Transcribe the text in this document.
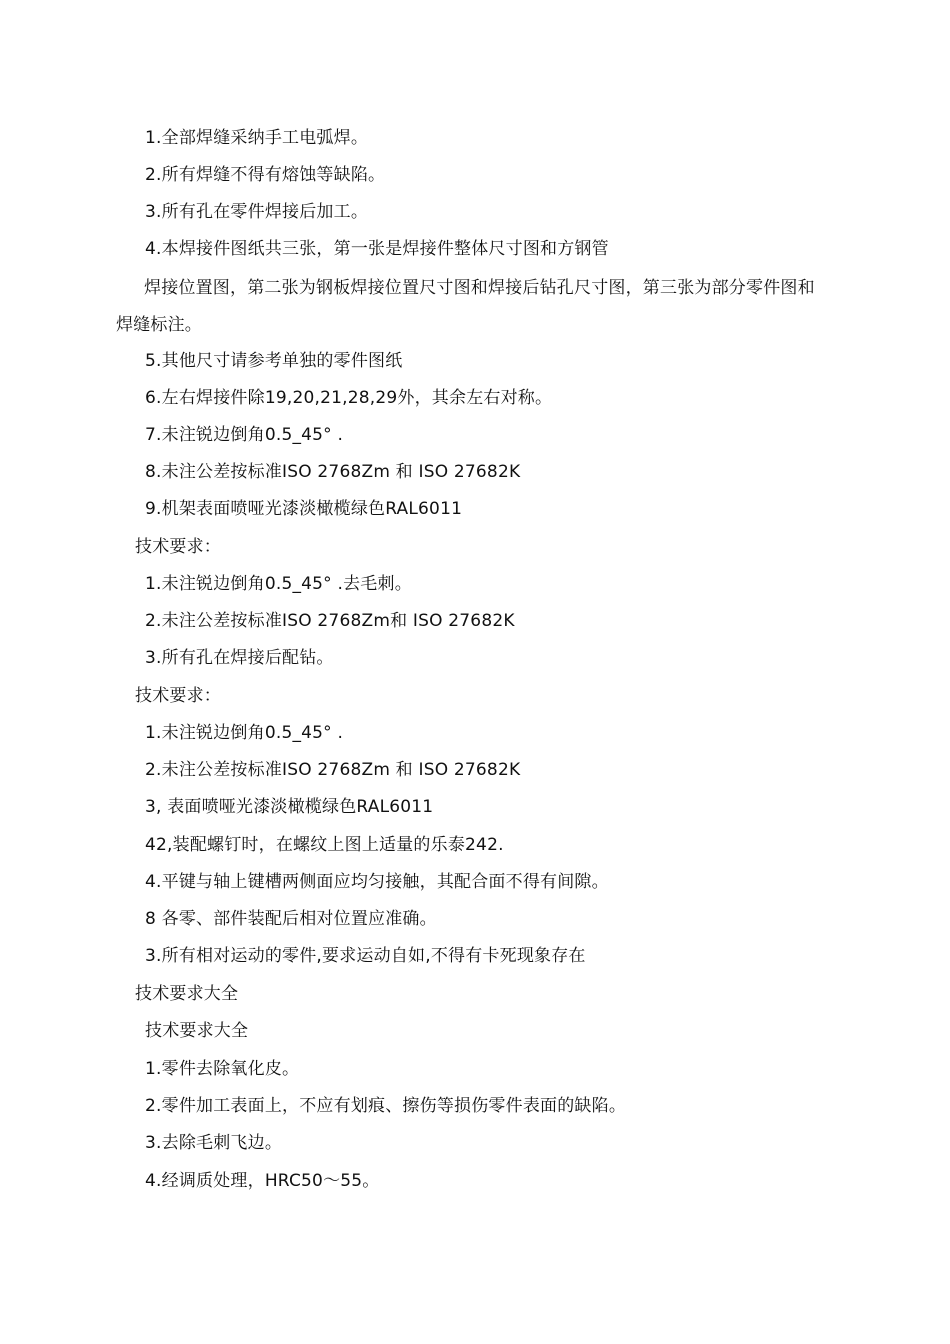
1.全部焊缝采纳手工电弧焊。
2.所有焊缝不得有熔蚀等缺陷。
3.所有孔在零件焊接后加工。
4.本焊接件图纸共三张，第一张是焊接件整体尺寸图和方钢管
焊接位置图，第二张为钢板焊接位置尺寸图和焊接后钻孔尺寸图，第三张为部分零件图和焊缝标注。
5.其他尺寸请参考单独的零件图纸
6.左右焊接件除19,20,21,28,29外，其余左右对称。
7.未注锐边倒角0.5_45° .
8.未注公差按标准ISO 2768Zm 和 ISO 27682K
9.机架表面喷哑光漆淡橄榄绿色RAL6011
技术要求：
1.未注锐边倒角0.5_45° .去毛刺。
2.未注公差按标准ISO 2768Zm和 ISO 27682K
3.所有孔在焊接后配钻。
技术要求：
1.未注锐边倒角0.5_45° .
2.未注公差按标准ISO 2768Zm 和 ISO 27682K
3, 表面喷哑光漆淡橄榄绿色RAL6011
42,装配螺钉时，在螺纹上图上适量的乐泰242.
4.平键与轴上键槽两侧面应均匀接触，其配合面不得有间隙。
8 各零、部件装配后相对位置应准确。
3.所有相对运动的零件,要求运动自如,不得有卡死现象存在
技术要求大全
技术要求大全
1.零件去除氧化皮。
2.零件加工表面上，不应有划痕、擦伤等损伤零件表面的缺陷。
3.去除毛刺飞边。
4.经调质处理，HRC50～55。
